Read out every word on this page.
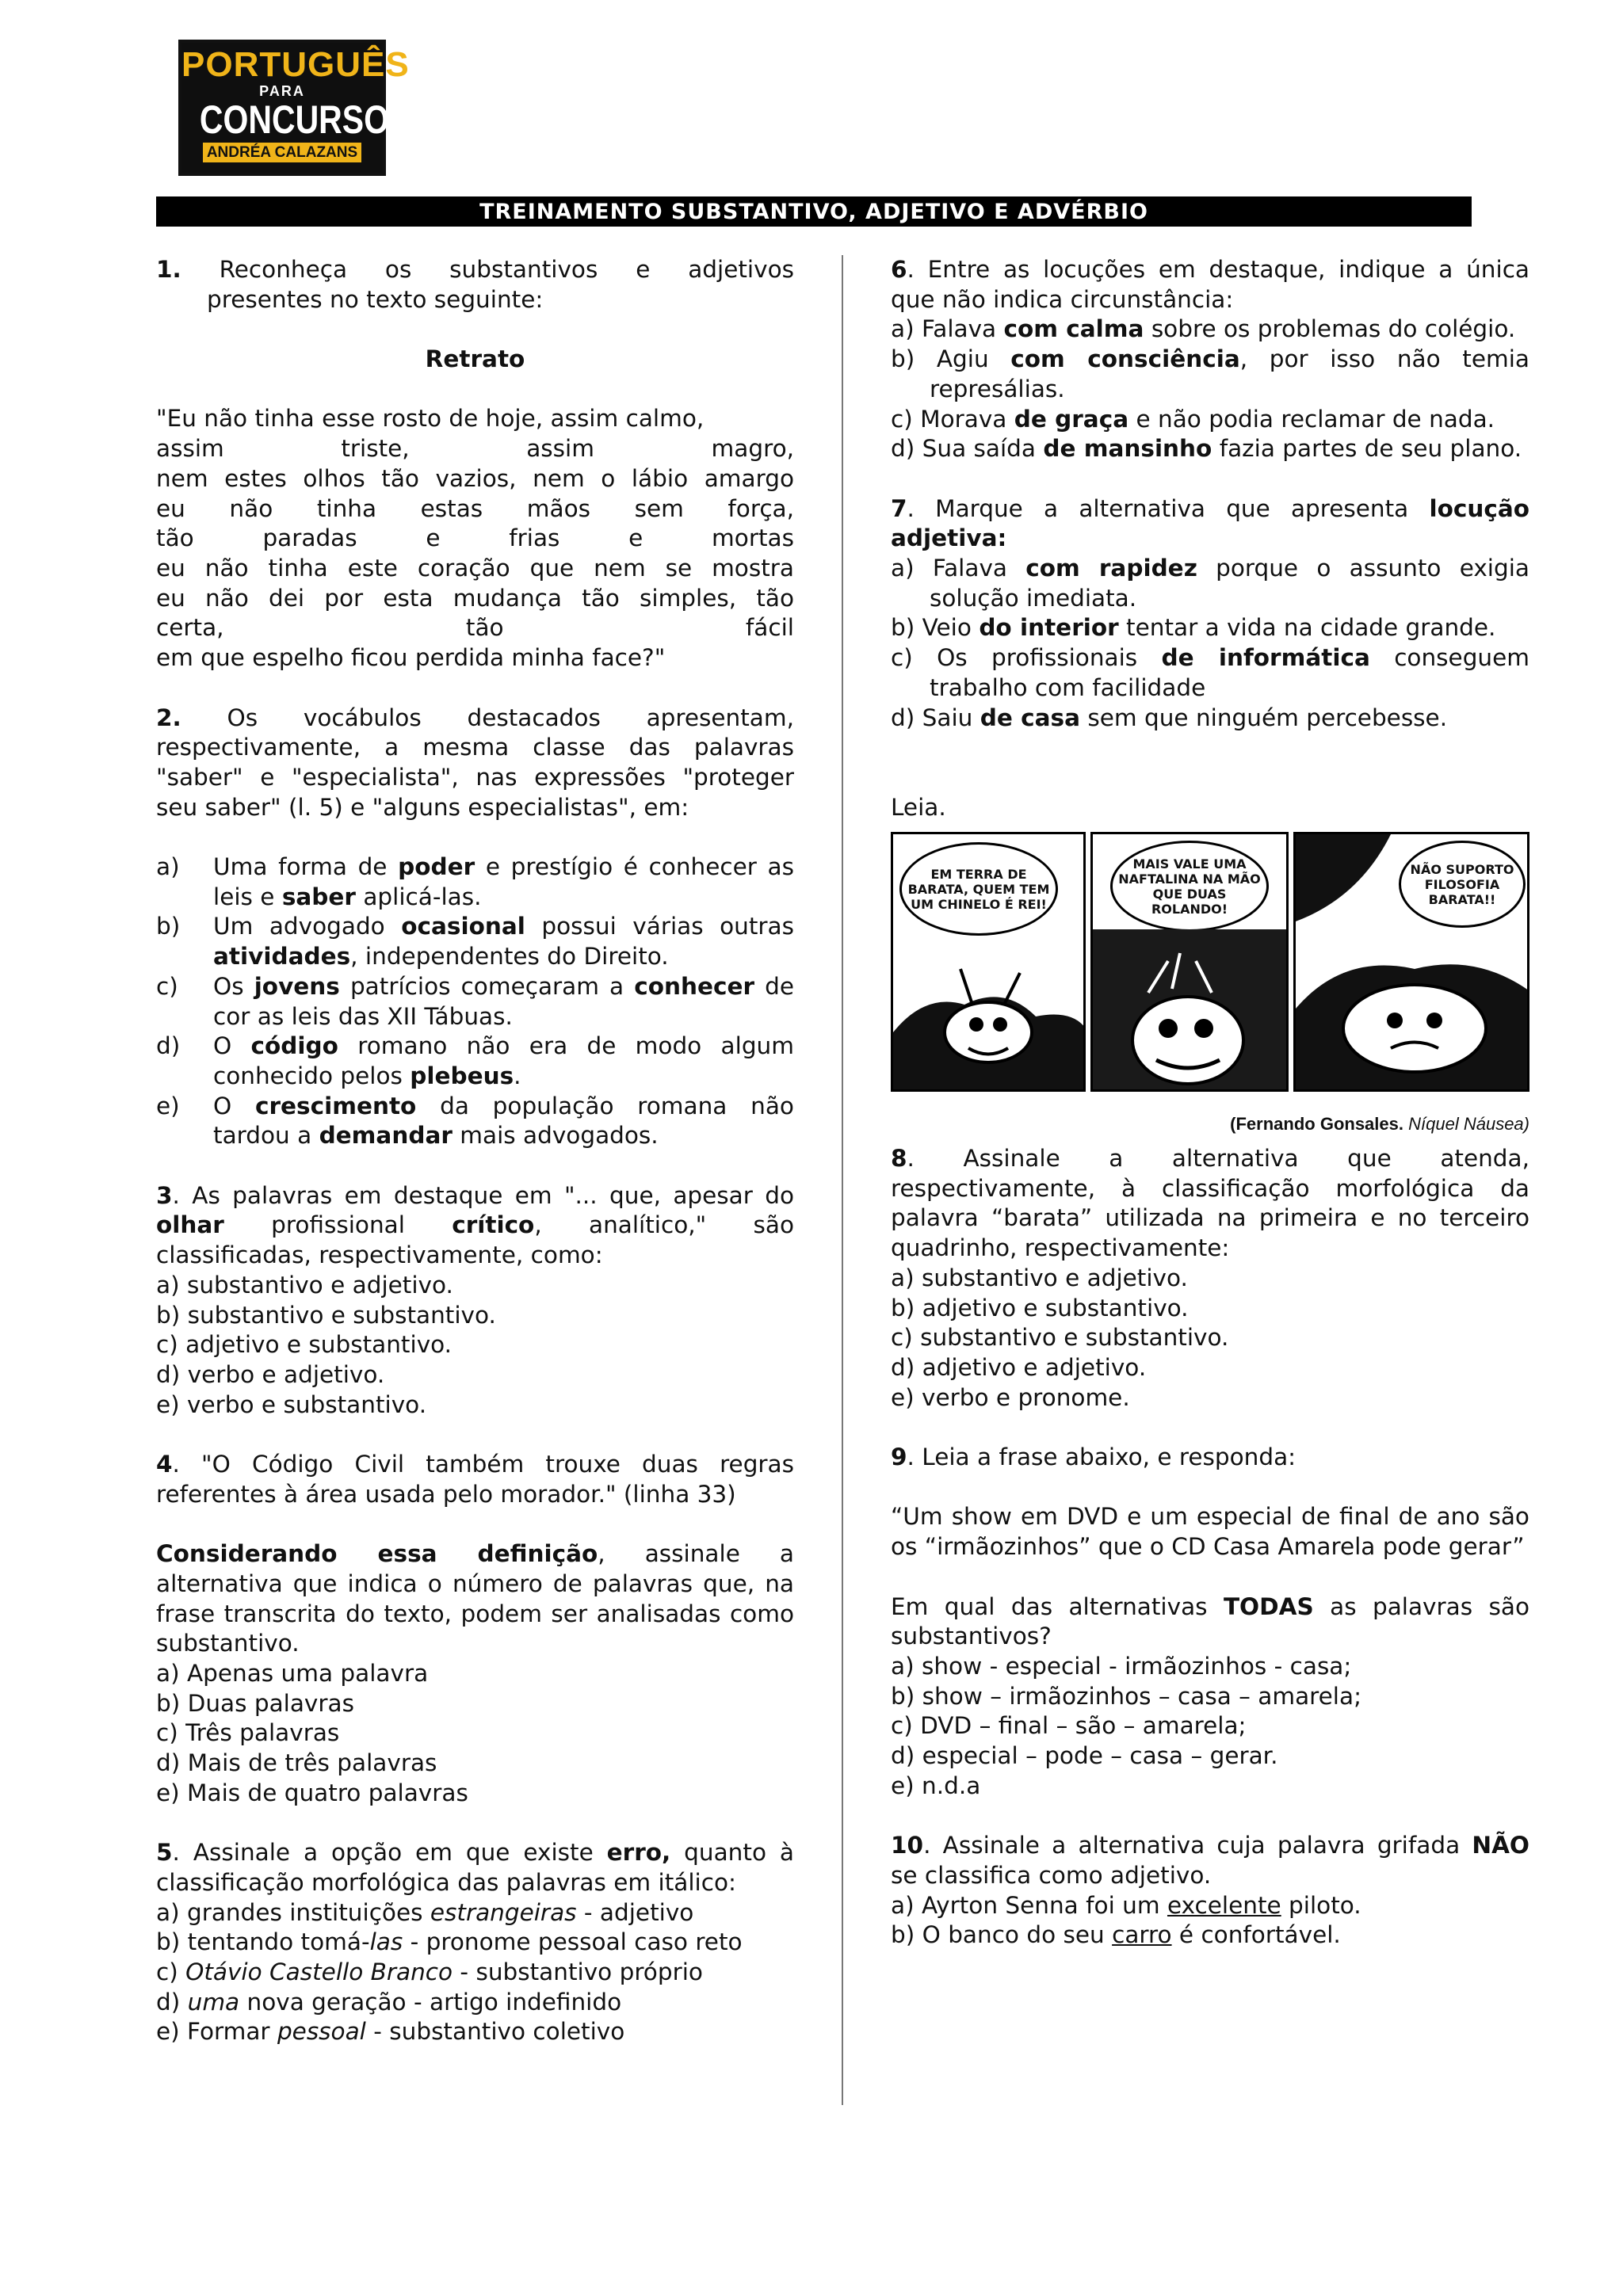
PORTUGUÊS
PARA
CONCURSOS
ANDRÉA CALAZANS
TREINAMENTO SUBSTANTIVO, ADJETIVO E ADVÉRBIO

1. Reconheça os substantivos e adjetivos

presentes no texto seguinte:

Retrato

"Eu não tinha esse rosto de hoje, assim calmo,

assim triste, assim magro,

nem estes olhos tão vazios, nem o lábio amargo

eu não tinha estas mãos sem força,

tão paradas e frias e mortas

eu não tinha este coração que nem se mostra

eu não dei por esta mudança tão simples, tão

certa, tão fácil

em que espelho ficou perdida minha face?"

2. Os vocábulos destacados apresentam, respectivamente, a mesma classe das palavras "saber" e "especialista", nas expressões "proteger seu saber" (l. 5) e "alguns especialistas", em:

a)	Uma forma de poder e prestígio é conhecer as leis e saber aplicá-las.
b)	Um advogado ocasional possui várias outras atividades, independentes do Direito.
c)	Os jovens patrícios começaram a conhecer de cor as leis das XII Tábuas.
d)	O código romano não era de modo algum conhecido pelos plebeus.
e)	O crescimento da população romana não tardou a demandar mais advogados.

3. As palavras em destaque em "... que, apesar do olhar profissional crítico, analítico," são classificadas, respectivamente, como:

a) substantivo e adjetivo.

b) substantivo e substantivo.

c) adjetivo e substantivo.

d) verbo e adjetivo.

e) verbo e substantivo.

4. "O Código Civil também trouxe duas regras referentes à área usada pelo morador." (linha 33)

Considerando essa definição, assinale a alternativa que indica o número de palavras que, na frase transcrita do texto, podem ser analisadas como substantivo.

a) Apenas uma palavra

b) Duas palavras

c) Três palavras

d) Mais de três palavras

e) Mais de quatro palavras

5. Assinale a opção em que existe erro, quanto à classificação morfológica das palavras em itálico:

a) grandes instituições estrangeiras - adjetivo

b) tentando tomá-las - pronome pessoal caso reto

c) Otávio Castello Branco - substantivo próprio

d) uma nova geração - artigo indefinido

e) Formar pessoal - substantivo coletivo

6. Entre as locuções em destaque, indique a única que não indica circunstância:

a) Falava com calma sobre os problemas do colégio.

b) Agiu com consciência, por isso não temia represálias.

c) Morava de graça e não podia reclamar de nada.

d) Sua saída de mansinho fazia partes de seu plano.

7. Marque a alternativa que apresenta locução adjetiva:

a) Falava com rapidez porque o assunto exigia solução imediata.

b) Veio do interior tentar a vida na cidade grande.

c) Os profissionais de informática conseguem trabalho com facilidade

d) Saiu de casa sem que ninguém percebesse.

Leia.

EM TERRA DE BARATA, QUEM TEM UM CHINELO É REI!
MAIS VALE UMA NAFTALINA NA MÃO QUE DUAS ROLANDO!
NÃO SUPORTO FILOSOFIA BARATA!!
(Fernando Gonsales. Níquel Náusea)

8. Assinale a alternativa que atenda, respectivamente, à classificação morfológica da palavra “barata” utilizada na primeira e no terceiro quadrinho, respectivamente:

a) substantivo e adjetivo.

b) adjetivo e substantivo.

c) substantivo e substantivo.

d) adjetivo e adjetivo.

e) verbo e pronome.

9. Leia a frase abaixo, e responda:

“Um show em DVD e um especial de final de ano são os “irmãozinhos” que o CD Casa Amarela pode gerar”

Em qual das alternativas TODAS as palavras são substantivos?

a) show - especial - irmãozinhos - casa;

b) show – irmãozinhos – casa – amarela;

c) DVD – final – são – amarela;

d) especial – pode – casa – gerar.

e) n.d.a

10. Assinale a alternativa cuja palavra grifada NÃO se classifica como adjetivo.

a) Ayrton Senna foi um excelente piloto.

b) O banco do seu carro é confortável.
